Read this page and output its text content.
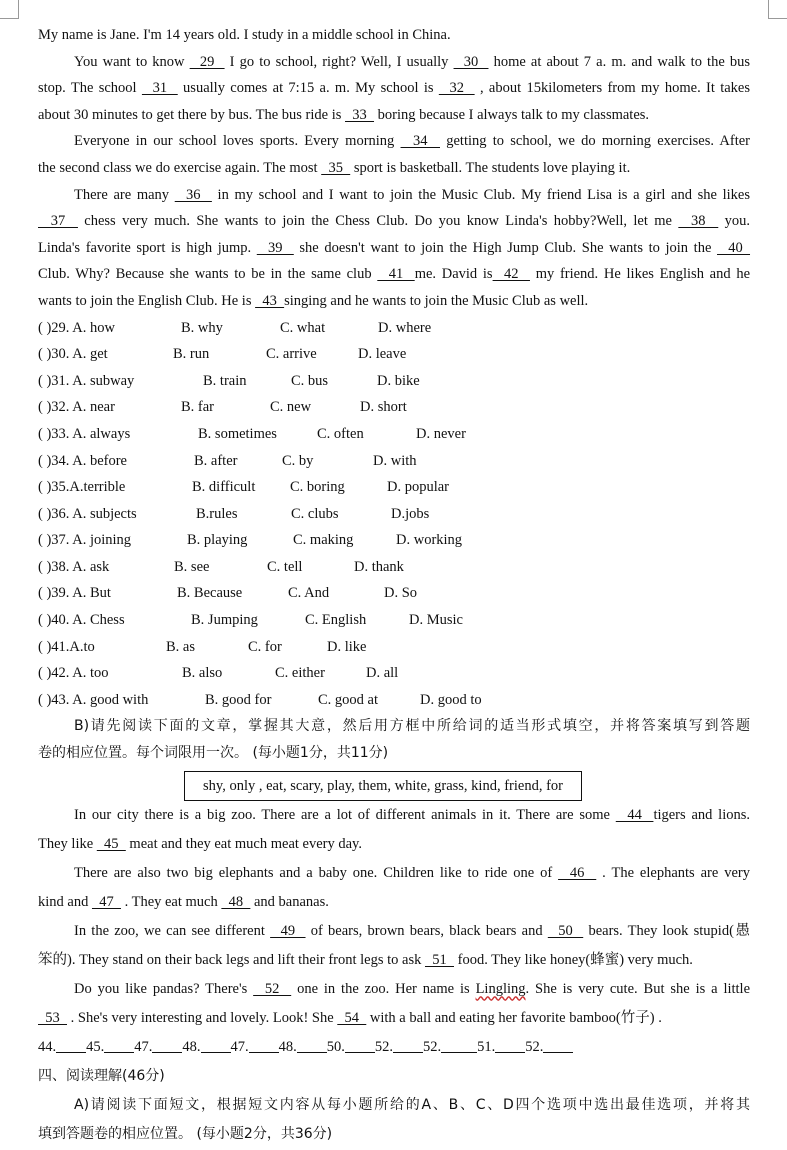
My name is Jane. I'm 14 years old. I study in a middle school in China.
You want to know   29   I go to school, right? Well, I usually   30   home at about 7 a. m. and walk to the bus
stop. The school   31   usually comes at 7:15 a. m. My school is   32   , about 15kilometers from my home. It takes
about 30 minutes to get there by bus. The bus ride is   33   boring because I always talk to my classmates.
Everyone in our school loves sports. Every morning   34   getting to school, we do morning exercises. After
the second class we do exercise again. The most   35   sport is basketball. The students love playing it.
There are many   36   in my school and I want to join the Music Club. My friend Lisa is a girl and she likes
37   chess very much. She wants to join the Chess Club. Do you know Linda's hobby?Well, let me   38   you.
Linda's favorite sport is high jump.   39   she doesn't want to join the High Jump Club. She wants to join the   40
Club. Why? Because she wants to be in the same club   41  me. David is  42   my friend. He likes English and he
wants to join the English Club. He is   43  singing and he wants to join the Music Club as well.
( )29. A. how	B. why	C. what	D. where
( )30. A. get	B. run	C. arrive	D. leave
( )31. A. subway	B. train	C. bus	D. bike
( )32. A. near	B. far	C. new	D. short
( )33. A. always	B. sometimes	C. often	D. never
( )34. A. before	B. after	C. by	D. with
( )35.A.terrible	B. difficult	C. boring	D. popular
( )36. A. subjects	B.rules	C. clubs	D.jobs
( )37. A. joining	B. playing	C. making	D. working
( )38. A. ask	B. see	C. tell	D. thank
( )39. A. But	B. Because	C. And	D. So
( )40. A. Chess	B. Jumping	C. English	D. Music
( )41.A.to	B. as	C. for	D. like
( )42. A. too	B. also	C. either	D. all
( )43. A. good with	B. good for	C. good at	D. good to
B)请先阅读下面的文章，掌握其大意，然后用方框中所给词的适当形式填空，并将答案填写到答题
卷的相应位置。每个词限用一次。 (每小题1分，共11分)
shy, only , eat, scary, play, them, white, grass, kind, friend, for
In our city there is a big zoo. There are a lot of different animals in it. There are some   44  tigers and lions.
They like   45   meat and they eat much meat every day.
There are also two big elephants and a baby one. Children like to ride one of   46   . The elephants are very
kind and   47   . They eat much   48   and bananas.
In the zoo, we can see different   49   of bears, brown bears, black bears and   50   bears. They look stupid(愚
笨的). They stand on their back legs and lift their front legs to ask   51   food. They like honey(蜂蜜) very much.
Do you like pandas? There's   52   one in the zoo. Her name is Lingling. She is very cute. But she is a little
53   . She's very interesting and lovely. Look! She   54   with a ball and eating her favorite bamboo(竹子) .
44. 45. 47. 48. 47. 48. 50. 52. 52. 51. 52.
四、阅读理解(46分)
A)请阅读下面短文，根据短文内容从每小题所给的A、B、C、D四个选项中选出最佳选项，并将其
填到答题卷的相应位置。 (每小题2分，共36分)
